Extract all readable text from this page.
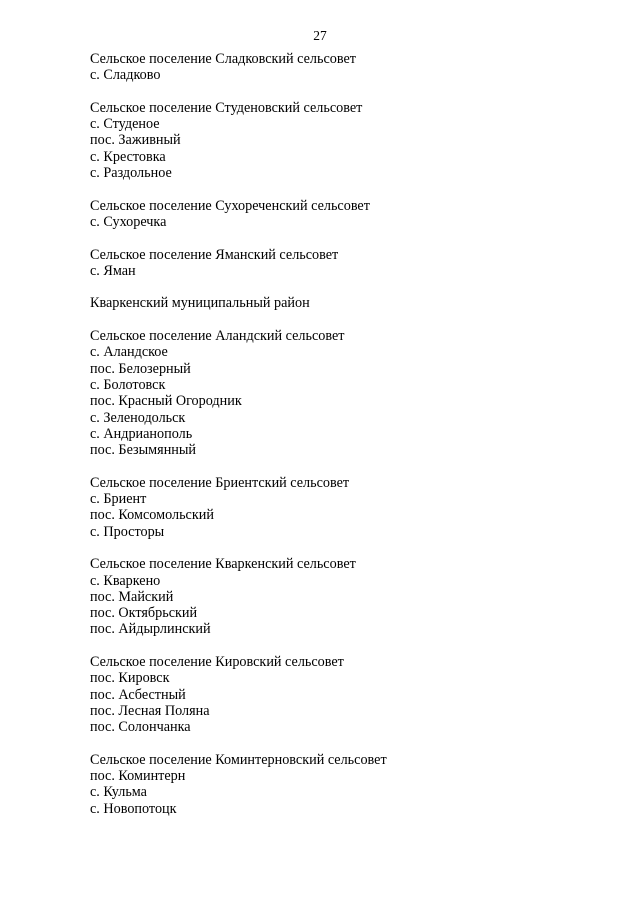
27
Сельское поселение Сладковский сельсовет
с. Сладково
Сельское поселение Студеновский сельсовет
с. Студеное
пос. Заживный
с. Крестовка
с. Раздольное
Сельское поселение Сухореченский сельсовет
с. Сухоречка
Сельское поселение Яманский сельсовет
с. Яман
Кваркенский муниципальный район
Сельское поселение Аландский сельсовет
с. Аландское
пос. Белозерный
с. Болотовск
пос. Красный Огородник
с. Зеленодольск
с. Андрианополь
пос. Безымянный
Сельское поселение Бриентский сельсовет
с. Бриент
пос. Комсомольский
с. Просторы
Сельское поселение Кваркенский сельсовет
с. Кваркено
пос. Майский
пос. Октябрьский
пос. Айдырлинский
Сельское поселение Кировский сельсовет
пос. Кировск
пос. Асбестный
пос. Лесная Поляна
пос. Солончанка
Сельское поселение Коминтерновский сельсовет
пос. Коминтерн
с. Кульма
с. Новопотоцк
